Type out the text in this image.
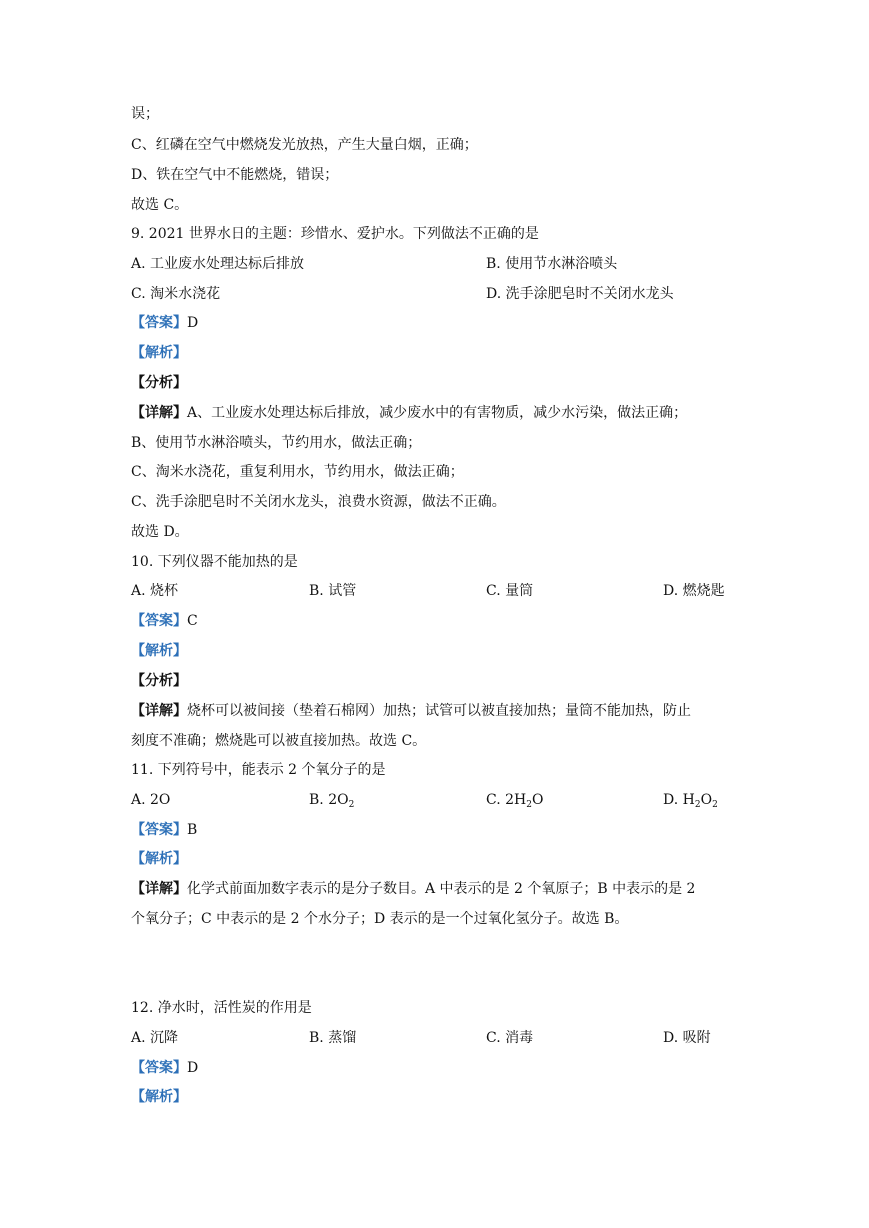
误；
C、红磷在空气中燃烧发光放热，产生大量白烟，正确；
D、铁在空气中不能燃烧，错误；
故选 C。
9. 2021 世界水日的主题：珍惜水、爱护水。下列做法不正确的是
A. 工业废水处理达标后排放	B. 使用节水淋浴喷头
C. 淘米水浇花	D. 洗手涂肥皂时不关闭水龙头
【答案】D
【解析】
【分析】
【详解】A、工业废水处理达标后排放，减少废水中的有害物质，减少水污染，做法正确；
B、使用节水淋浴喷头，节约用水，做法正确；
C、淘米水浇花，重复利用水，节约用水，做法正确；
C、洗手涂肥皂时不关闭水龙头，浪费水资源，做法不正确。
故选 D。
10. 下列仪器不能加热的是
A. 烧杯	B. 试管	C. 量筒	D. 燃烧匙
【答案】C
【解析】
【分析】
【详解】烧杯可以被间接（垫着石棉网）加热；试管可以被直接加热；量筒不能加热，防止
刻度不准确；燃烧匙可以被直接加热。故选 C。
11. 下列符号中，能表示 2 个氧分子的是
A. 2O	B. $2O_2$	C. $2H_2O$	D. $H_2O_2$
【答案】B
【解析】
【详解】化学式前面加数字表示的是分子数目。A 中表示的是 2 个氧原子；B 中表示的是 2
个氧分子；C 中表示的是 2 个水分子；D 表示的是一个过氧化氢分子。故选 B。
12. 净水时，活性炭的作用是
A. 沉降	B. 蒸馏	C. 消毒	D. 吸附
【答案】D
【解析】
